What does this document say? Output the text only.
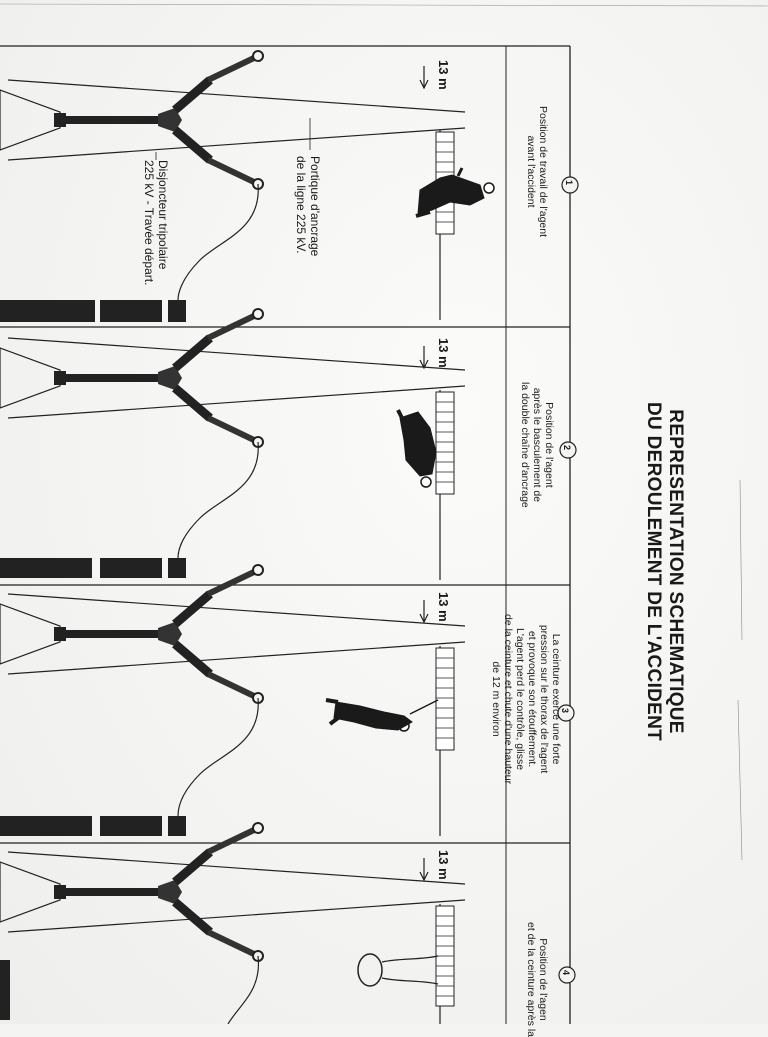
REPRESENTATION SCHEMATIQUE
DU DEROULEMENT DE L'ACCIDENT
Position de travail de l'agent
avant l'accident
Position de l'agent
après le basculement de
la double chaîne d'ancrage
La ceinture exerce une forte
pression sur le thorax de l'agent
et provoque son étouffement.
L'agent perd le contrôle, glisse
de la ceinture et chute d'une hauteur
de 12 m environ
Position de l'agen
et de la ceinture après la
13 m
13 m
13 m
13 m
1
2
3
4
Portique d'ancrage
de la ligne 225 kV.
Disjoncteur tripolaire
225 kV - Travée départ.
